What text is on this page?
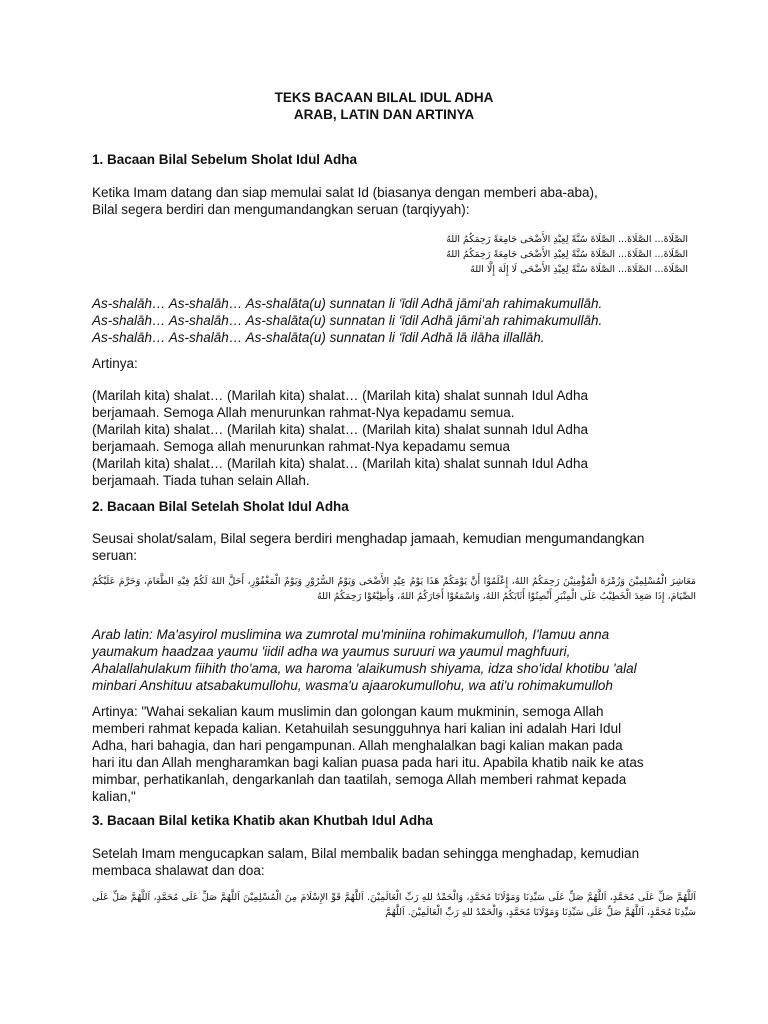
TEKS BACAAN BILAL IDUL ADHA
ARAB, LATIN DAN ARTINYA
1. Bacaan Bilal Sebelum Sholat Idul Adha
Ketika Imam datang dan siap memulai salat Id (biasanya dengan memberi aba-aba),
Bilal segera berdiri dan mengumandangkan seruan (tarqiyyah):
الصَّلَاةَ... الصَّلَاةَ... الصَّلَاةَ سُنَّةً لِعِيْدِ الأَضْحَى جَامِعَةً رَحِمَكُمُ اللهُ
الصَّلَاةَ... الصَّلَاةَ... الصَّلَاةَ سُنَّةً لِعِيْدِ الأَضْحَى جَامِعَةً رَحِمَكُمُ اللهُ
الصَّلَاةَ... الصَّلَاةَ... الصَّلَاةَ سُنَّةً لِعِيْدِ الأَضْحَى لَا إِلَهَ إِلَّا اللهُ
As-shalāh… As-shalāh… As-shalāta(u) sunnatan li ‘īdil Adhā jāmi‘ah rahimakumullāh.
As-shalāh… As-shalāh… As-shalāta(u) sunnatan li ‘īdil Adhā jāmi‘ah rahimakumullāh.
As-shalāh… As-shalāh… As-shalāta(u) sunnatan li ‘īdil Adhā lā ilāha illallāh.
Artinya:
(Marilah kita) shalat… (Marilah kita) shalat… (Marilah kita) shalat sunnah Idul Adha
berjamaah. Semoga Allah menurunkan rahmat-Nya kepadamu semua.
(Marilah kita) shalat… (Marilah kita) shalat… (Marilah kita) shalat sunnah Idul Adha
berjamaah. Semoga allah menurunkan rahmat-Nya kepadamu semua
(Marilah kita) shalat… (Marilah kita) shalat… (Marilah kita) shalat sunnah Idul Adha
berjamaah. Tiada tuhan selain Allah.
2. Bacaan Bilal Setelah Sholat Idul Adha
Seusai sholat/salam, Bilal segera berdiri menghadap jamaah, kemudian mengumandangkan
seruan:
مَعَاشِرَ الْمُسْلِمِيْنَ وَزُمْرَةَ الْمُؤْمِنِيْنَ رَحِمَكُمُ اللهُ، إِعْلَمُوْا أَنَّ يَوْمَكُمْ هَذَا يَوْمُ عِيْدِ الأَضْحَى وَيَوْمُ السُّرُوْرِ وَيَوْمُ الْمَغْفُوْرِ، أَحَلَّ اللهُ لَكُمْ فِيْهِ الطَّعَامَ، وَحَرَّمَ عَلَيْكُمُ الصِّيَامَ، إِذَا صَعِدَ الْخَطِيْبُ عَلَى الْمِنْبَرِ أَنْصِتُوْا أَثَابَكُمُ اللهُ، وَاسْمَعُوْا أَجَارَكُمُ اللهُ، وَأَطِيْعُوْا رَحِمَكُمُ اللهُ
Arab latin: Ma'asyirol muslimina wa zumrotal mu'miniina rohimakumulloh, I'lamuu anna
yaumakum haadzaa yaumu 'iidil adha wa yaumus suruuri wa yaumul maghfuuri,
Ahalallahulakum fiihith tho'ama, wa haroma 'alaikumush shiyama, idza sho'idal khotibu 'alal
minbari Anshituu atsabakumullohu, wasma'u ajaarokumullohu, wa ati'u rohimakumulloh
Artinya: "Wahai sekalian kaum muslimin dan golongan kaum mukminin, semoga Allah
memberi rahmat kepada kalian. Ketahuilah sesungguhnya hari kalian ini adalah Hari Idul
Adha, hari bahagia, dan hari pengampunan. Allah menghalalkan bagi kalian makan pada
hari itu dan Allah mengharamkan bagi kalian puasa pada hari itu. Apabila khatib naik ke atas
mimbar, perhatikanlah, dengarkanlah dan taatilah, semoga Allah memberi rahmat kepada
kalian,"
3. Bacaan Bilal ketika Khatib akan Khutbah Idul Adha
Setelah Imam mengucapkan salam, Bilal membalik badan sehingga menghadap, kemudian
membaca shalawat dan doa:
اَللَّهُمَّ صَلِّ عَلَى مُحَمَّدٍ، اَللَّهُمَّ صَلِّ عَلَى سَيِّدِنَا وَمَوْلَانَا مُحَمَّدٍ، وَالْحَمْدُ للهِ رَبِّ الْعَالَمِيْنَ. اَللَّهُمَّ قَوِّ الإِسْلَامَ مِنَ الْمُسْلِمِيْنَ اَللَّهُمَّ صَلِّ عَلَى مُحَمَّدٍ، اَللَّهُمَّ صَلِّ عَلَى سَيِّدِنَا مُحَمَّدٍ، اَللَّهُمَّ صَلِّ عَلَى سَيِّدِنَا وَمَوْلَانَا مُحَمَّدٍ، وَالْحَمْدُ للهِ رَبِّ الْعَالَمِيْنَ. اَللَّهُمَّ
